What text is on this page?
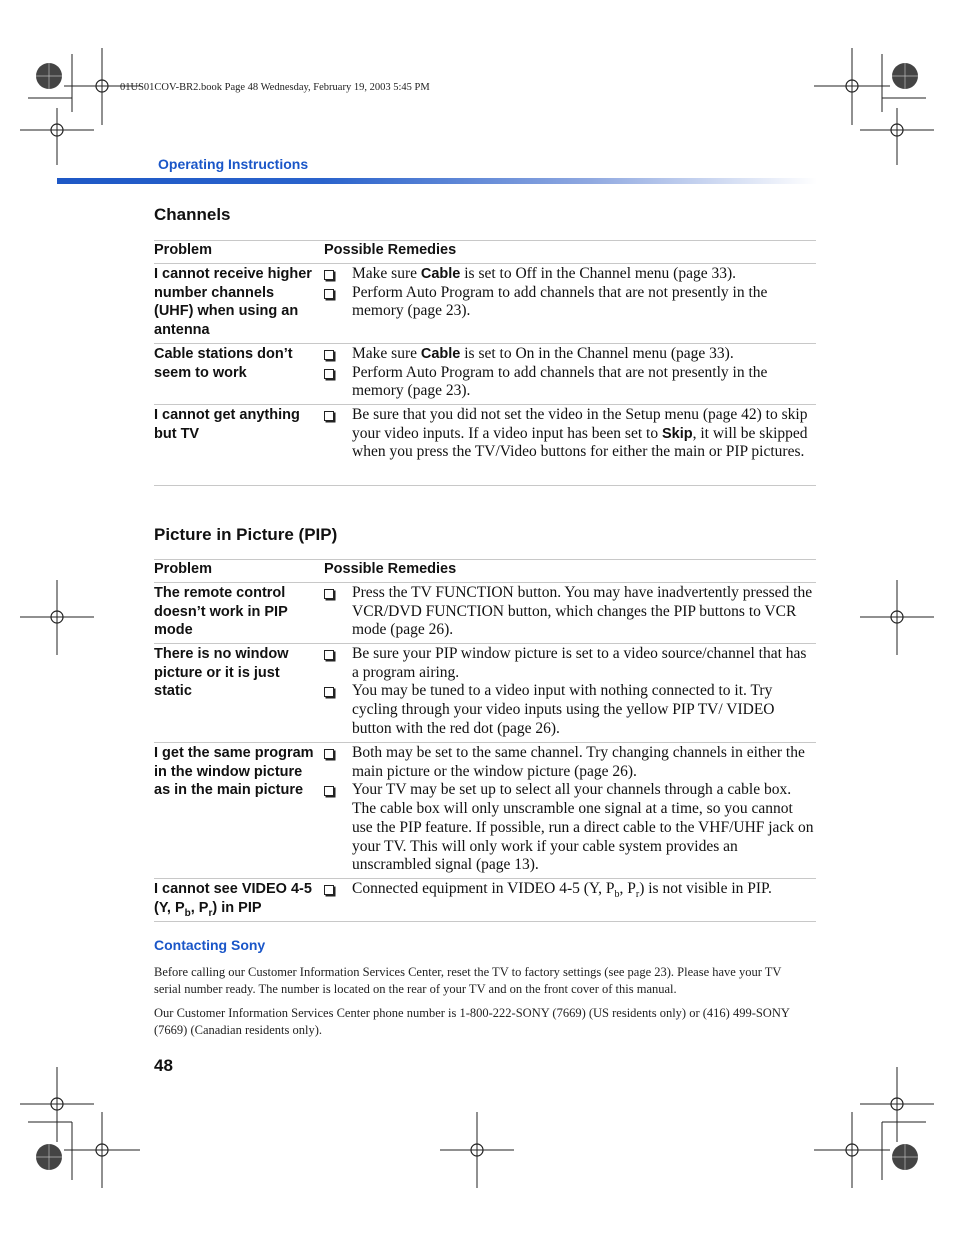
01US01COV-BR2.book Page 48 Wednesday, February 19, 2003 5:45 PM
Operating Instructions
Channels
Problem	Possible Remedies
I cannot receive higher number channels (UHF) when using an antenna
Make sure Cable is set to Off in the Channel menu (page 33).
Perform Auto Program to add channels that are not presently in the memory (page 23).
Cable stations don’t seem to work
Make sure Cable is set to On in the Channel menu (page 33).
Perform Auto Program to add channels that are not presently in the memory (page 23).
I cannot get anything but TV
Be sure that you did not set the video in the Setup menu (page 42) to skip your video inputs. If a video input has been set to Skip, it will be skipped when you press the TV/Video buttons for either the main or PIP pictures.
Picture in Picture (PIP)
Problem	Possible Remedies
The remote control doesn’t work in PIP mode
Press the TV FUNCTION button. You may have inadvertently pressed the VCR/DVD FUNCTION button, which changes the PIP buttons to VCR mode (page 26).
There is no window picture or it is just static
Be sure your PIP window picture is set to a video source/channel that has a program airing.
You may be tuned to a video input with nothing connected to it. Try cycling through your video inputs using the yellow PIP TV/ VIDEO button with the red dot (page 26).
I get the same program in the window picture as in the main picture
Both may be set to the same channel. Try changing channels in either the main picture or the window picture (page 26).
Your TV may be set up to select all your channels through a cable box. The cable box will only unscramble one signal at a time, so you cannot use the PIP feature. If possible, run a direct cable to the VHF/UHF jack on your TV. This will only work if your cable system provides an unscrambled signal (page 13).
I cannot see VIDEO 4-5 (Y, $P_b$, $P_r$) in PIP
Connected equipment in VIDEO 4-5 (Y, $P_b$, $P_r$) is not visible in PIP.
Contacting Sony
Before calling our Customer Information Services Center, reset the TV to factory settings (see page 23). Please have your TV serial number ready. The number is located on the rear of your TV and on the front cover of this manual.
Our Customer Information Services Center phone number is 1-800-222-SONY (7669) (US residents only) or (416) 499-SONY (7669) (Canadian residents only).
48
